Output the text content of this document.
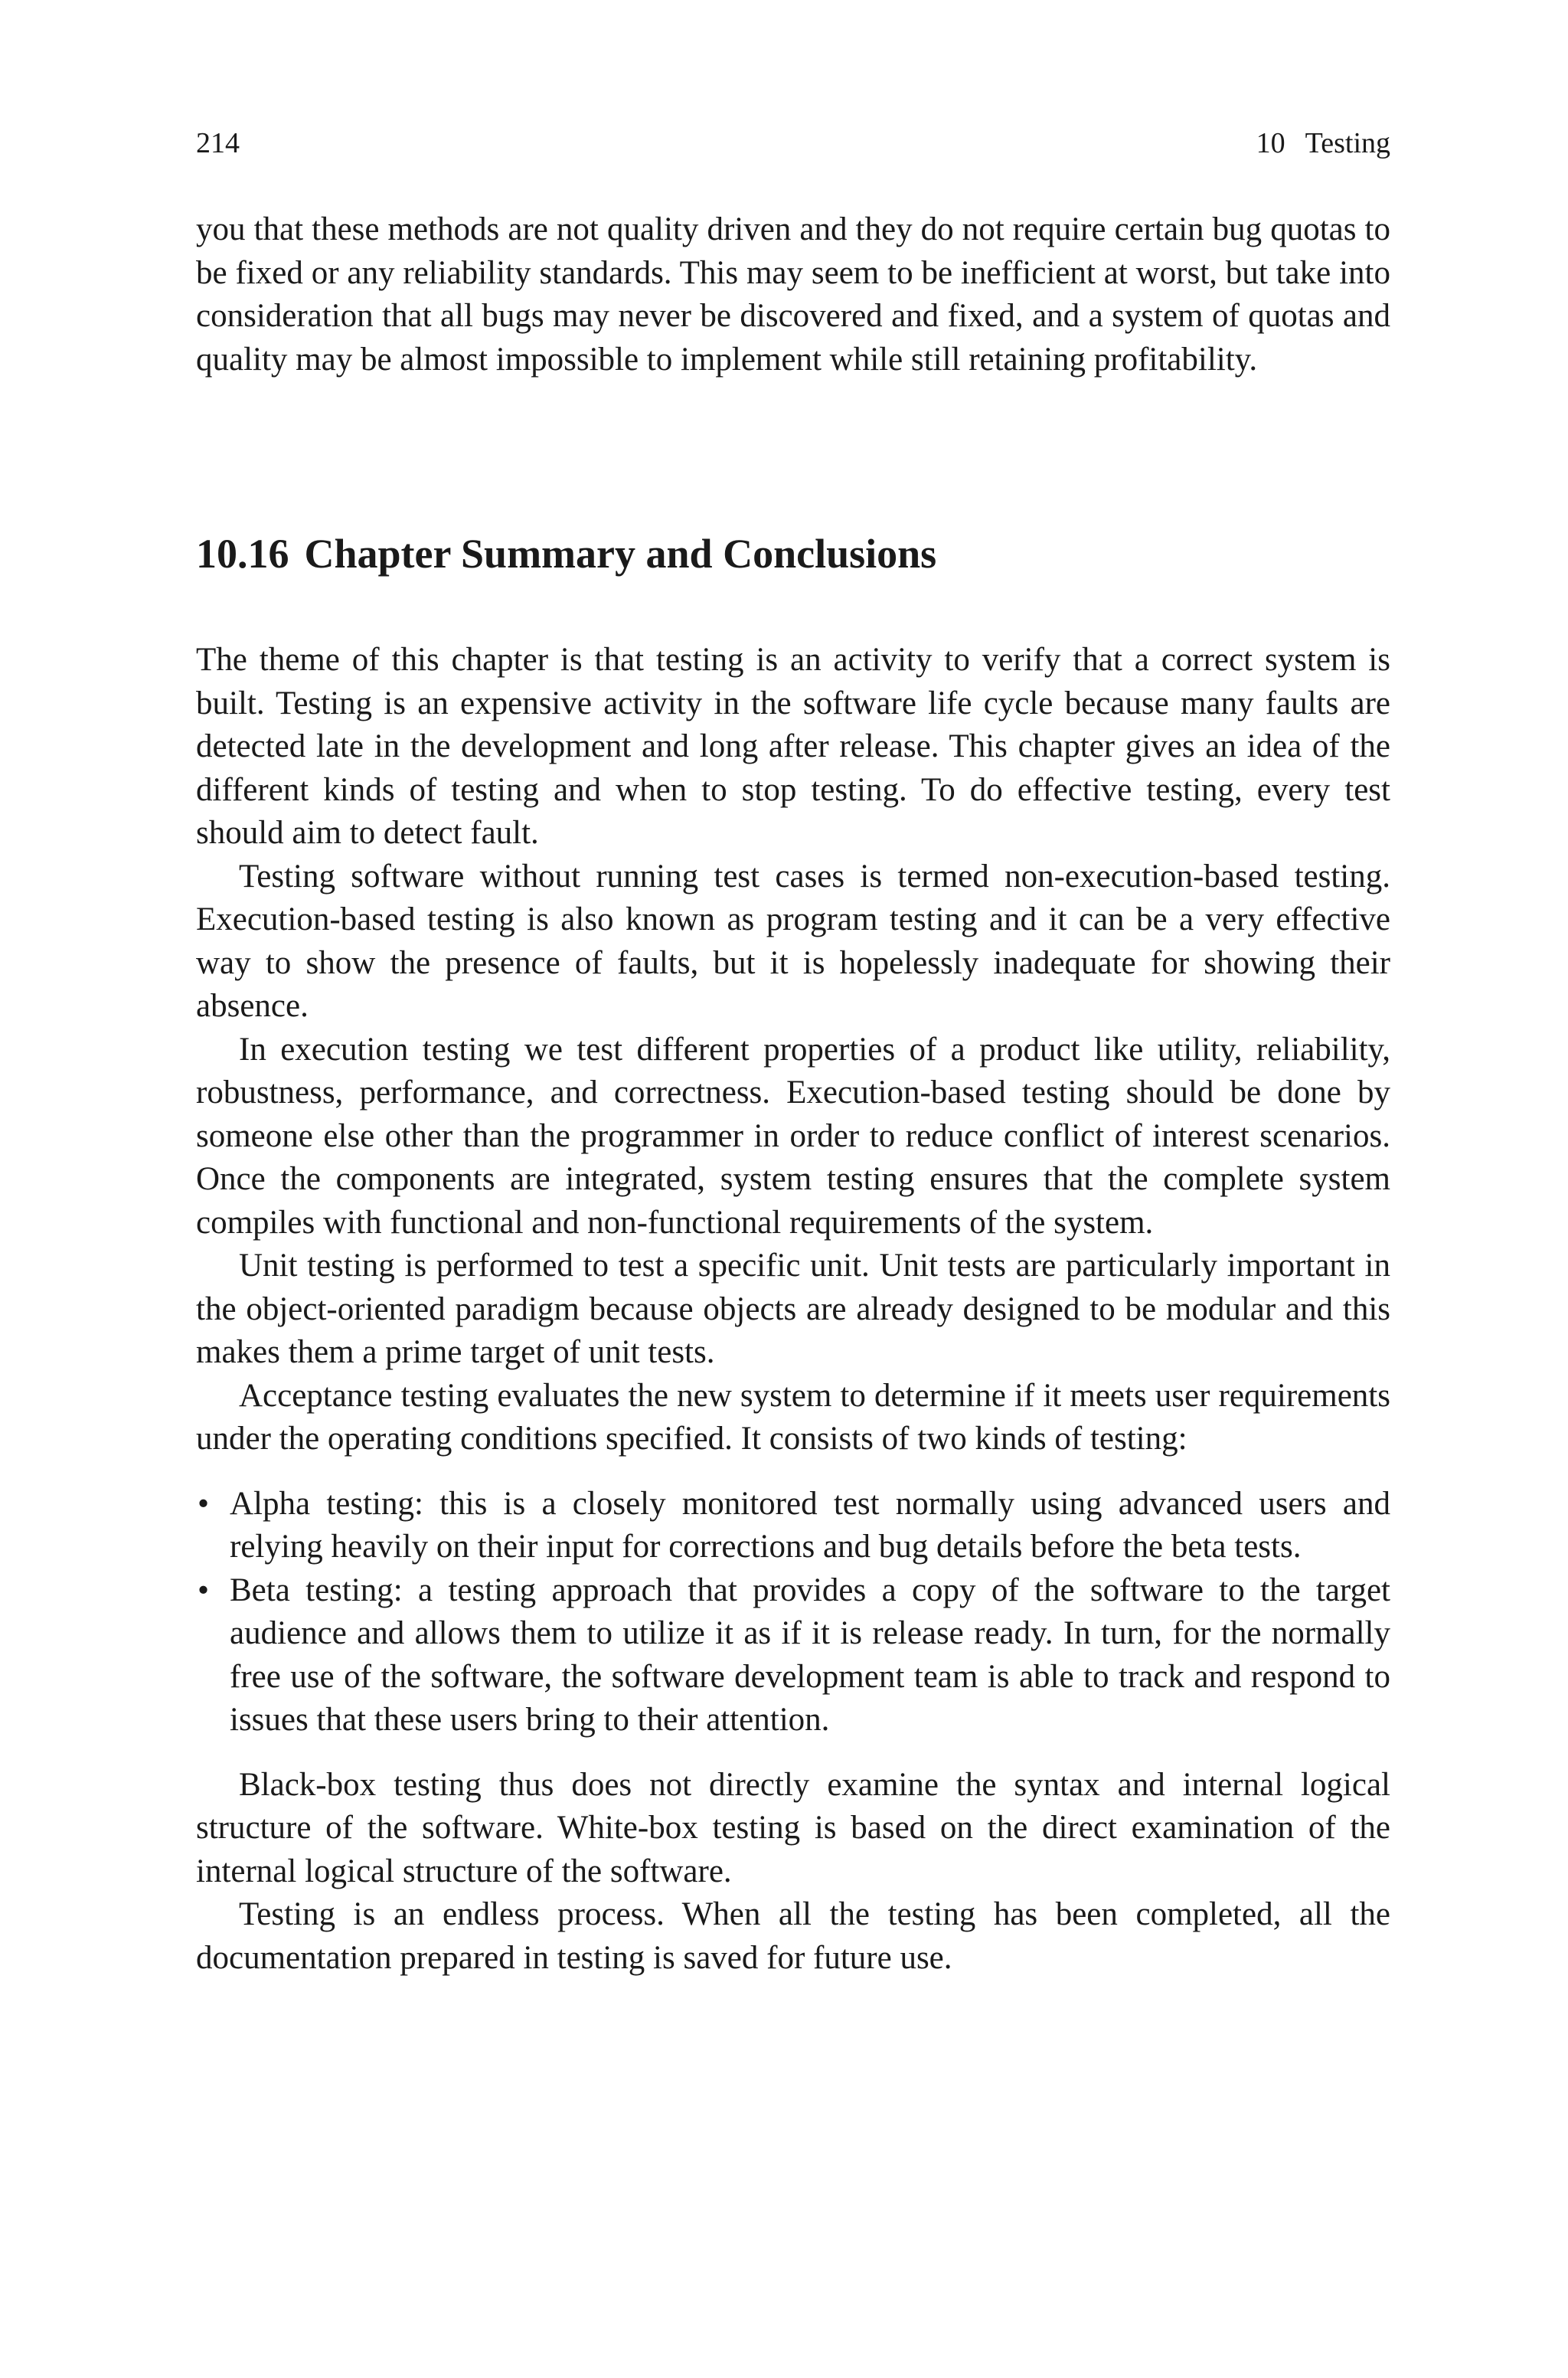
214	10 Testing

you that these methods are not quality driven and they do not require certain bug quotas to be fixed or any reliability standards. This may seem to be inefficient at worst, but take into consideration that all bugs may never be discovered and fixed, and a system of quotas and quality may be almost impossible to implement while still retaining profitability.

10.16 Chapter Summary and Conclusions

The theme of this chapter is that testing is an activity to verify that a correct system is built. Testing is an expensive activity in the software life cycle because many faults are detected late in the development and long after release. This chapter gives an idea of the different kinds of testing and when to stop testing. To do effective testing, every test should aim to detect fault.

Testing software without running test cases is termed non-execution-based testing. Execution-based testing is also known as program testing and it can be a very effective way to show the presence of faults, but it is hopelessly inadequate for showing their absence.

In execution testing we test different properties of a product like utility, reliability, robustness, performance, and correctness. Execution-based testing should be done by someone else other than the programmer in order to reduce conflict of interest scenarios. Once the components are integrated, system testing ensures that the complete system compiles with functional and non-functional requirements of the system.

Unit testing is performed to test a specific unit. Unit tests are particularly important in the object-oriented paradigm because objects are already designed to be modular and this makes them a prime target of unit tests.

Acceptance testing evaluates the new system to determine if it meets user requirements under the operating conditions specified. It consists of two kinds of testing:

• Alpha testing: this is a closely monitored test normally using advanced users and relying heavily on their input for corrections and bug details before the beta tests.
• Beta testing: a testing approach that provides a copy of the software to the target audience and allows them to utilize it as if it is release ready. In turn, for the normally free use of the software, the software development team is able to track and respond to issues that these users bring to their attention.

Black-box testing thus does not directly examine the syntax and internal logical structure of the software. White-box testing is based on the direct examination of the internal logical structure of the software.

Testing is an endless process. When all the testing has been completed, all the documentation prepared in testing is saved for future use.
